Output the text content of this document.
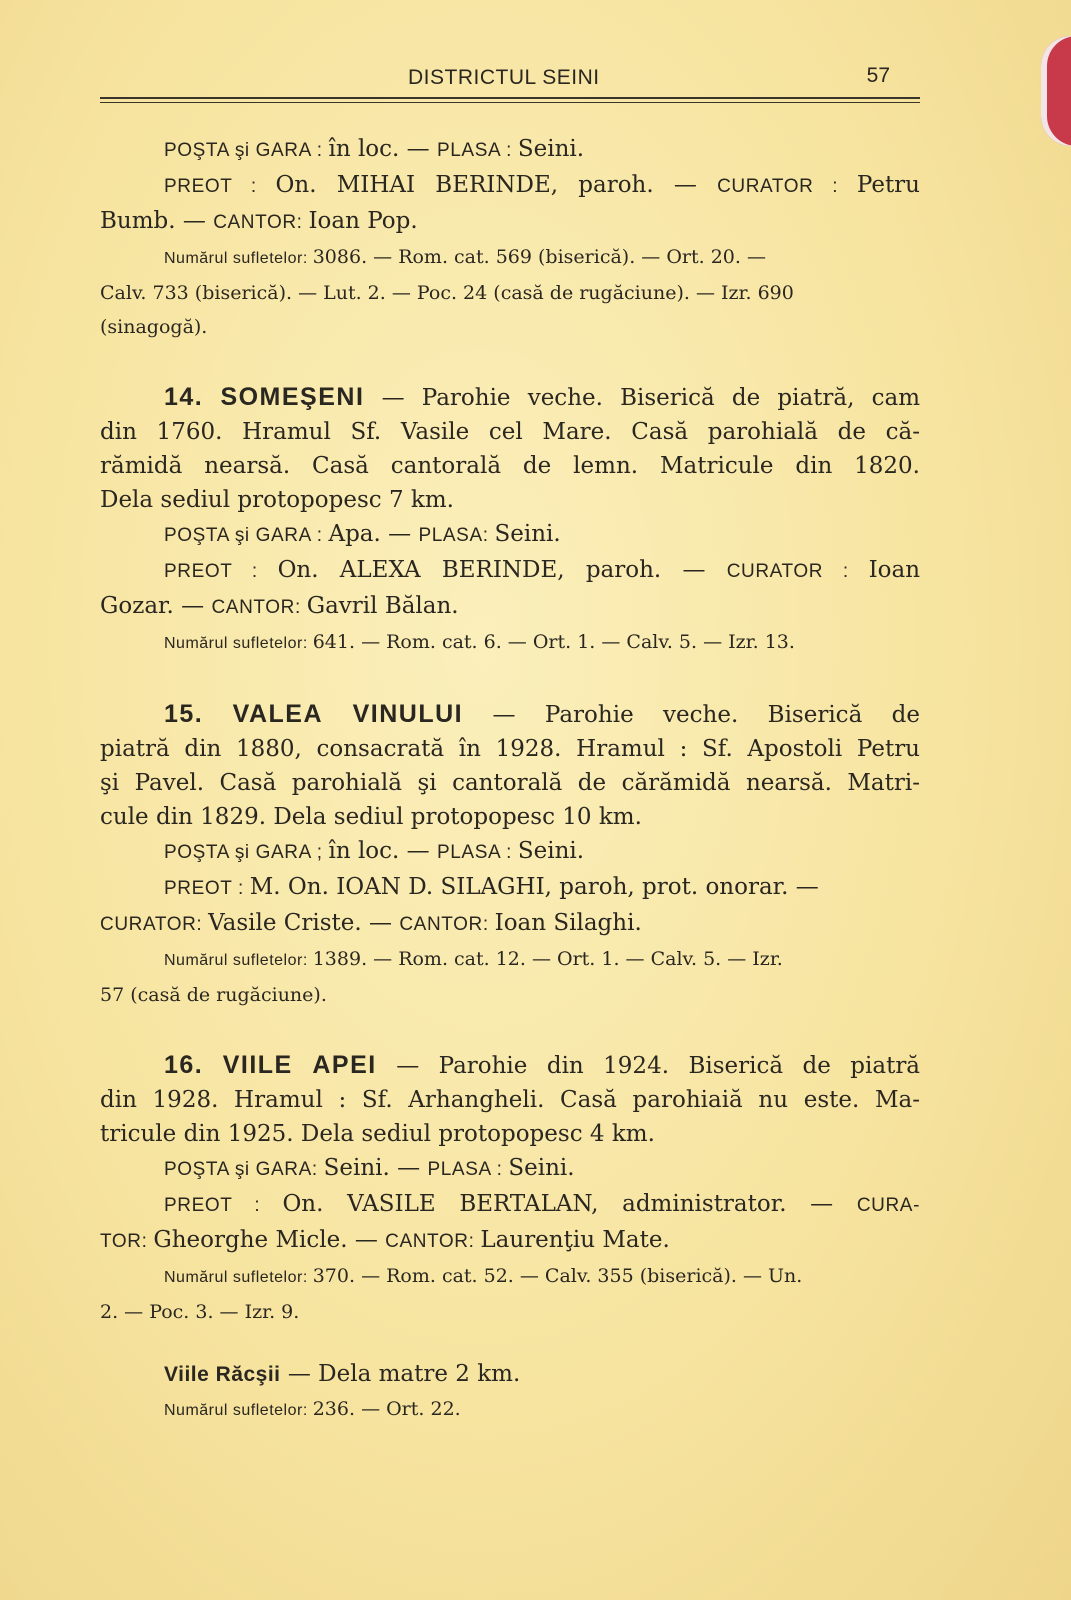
DISTRICTUL SEINI	57

POŞTA şi GARA : în loc. — PLASA : Seini.

PREOT : On. MIHAI BERINDE, paroh. — CURATOR : Petru

Bumb. — CANTOR: Ioan Pop.

Numărul sufletelor: 3086. — Rom. cat. 569 (biserică). — Ort. 20. —

Calv. 733 (biserică). — Lut. 2. — Poc. 24 (casă de rugăciune). — Izr. 690

(sinagogă).

14. SOMEŞENI — Parohie veche. Biserică de piatră, cam

din 1760. Hramul Sf. Vasile cel Mare. Casă parohială de că-

rămidă nearsă. Casă cantorală de lemn. Matricule din 1820.

Dela sediul protopopesc 7 km.

POŞTA şi GARA : Apa. — PLASA: Seini.

PREOT : On. ALEXA BERINDE, paroh. — CURATOR : Ioan

Gozar. — CANTOR: Gavril Bălan.

Numărul sufletelor: 641. — Rom. cat. 6. — Ort. 1. — Calv. 5. — Izr. 13.

15. VALEA VINULUI — Parohie veche. Biserică de

piatră din 1880, consacrată în 1928. Hramul : Sf. Apostoli Petru

şi Pavel. Casă parohială şi cantorală de cărămidă nearsă. Matri-

cule din 1829. Dela sediul protopopesc 10 km.

POŞTA şi GARA ; în loc. — PLASA : Seini.

PREOT : M. On. IOAN D. SILAGHI, paroh, prot. onorar. —

CURATOR: Vasile Criste. — CANTOR: Ioan Silaghi.

Numărul sufletelor: 1389. — Rom. cat. 12. — Ort. 1. — Calv. 5. — Izr.

57 (casă de rugăciune).

16. VIILE APEI — Parohie din 1924. Biserică de piatră

din 1928. Hramul : Sf. Arhangheli. Casă parohiaiă nu este. Ma-

tricule din 1925. Dela sediul protopopesc 4 km.

POŞTA şi GARA: Seini. — PLASA : Seini.

PREOT : On. VASILE BERTALAN, administrator. — CURA-

TOR: Gheorghe Micle. — CANTOR: Laurenţiu Mate.

Numărul sufletelor: 370. — Rom. cat. 52. — Calv. 355 (biserică). — Un.

2. — Poc. 3. — Izr. 9.

Viile Răcşii — Dela matre 2 km.

Numărul sufletelor: 236. — Ort. 22.
